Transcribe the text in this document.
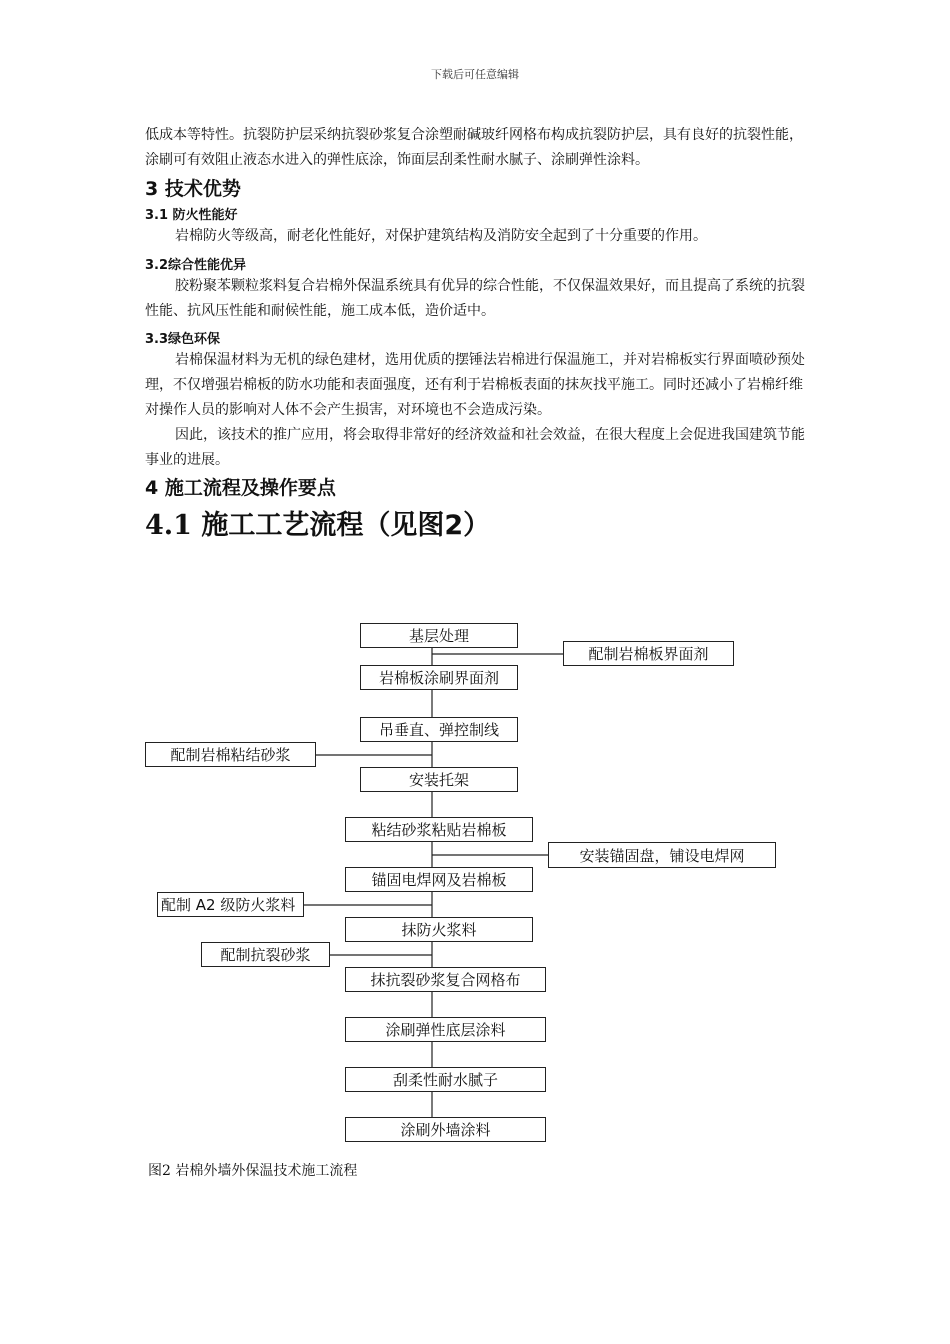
下载后可任意编辑

低成本等特性。抗裂防护层采纳抗裂砂浆复合涂塑耐碱玻纤网格布构成抗裂防护层，具有良好的抗裂性能，涂刷可有效阻止液态水进入的弹性底涂，饰面层刮柔性耐水腻子、涂刷弹性涂料。

3 技术优势
3.1 防火性能好

岩棉防火等级高，耐老化性能好，对保护建筑结构及消防安全起到了十分重要的作用。

3.2综合性能优异

胶粉聚苯颗粒浆料复合岩棉外保温系统具有优异的综合性能，不仅保温效果好，而且提高了系统的抗裂性能、抗风压性能和耐候性能，施工成本低，造价适中。

3.3绿色环保

岩棉保温材料为无机的绿色建材，选用优质的摆锤法岩棉进行保温施工，并对岩棉板实行界面喷砂预处理，不仅增强岩棉板的防水功能和表面强度，还有利于岩棉板表面的抹灰找平施工。同时还减小了岩棉纤维对操作人员的影响对人体不会产生损害，对环境也不会造成污染。

因此，该技术的推广应用，将会取得非常好的经济效益和社会效益，在很大程度上会促进我国建筑节能事业的进展。

4 施工流程及操作要点
4.1 施工工艺流程（见图2）
基层处理
岩棉板涂刷界面剂
吊垂直、弹控制线
安装托架
粘结砂浆粘贴岩棉板
锚固电焊网及岩棉板
抹防火浆料
抹抗裂砂浆复合网格布
涂刷弹性底层涂料
刮柔性耐水腻子
涂刷外墙涂料
配制岩棉板界面剂
配制岩棉粘结砂浆
安装锚固盘，铺设电焊网
配制 A2 级防火浆料
配制抗裂砂浆
图2 岩棉外墙外保温技术施工流程
